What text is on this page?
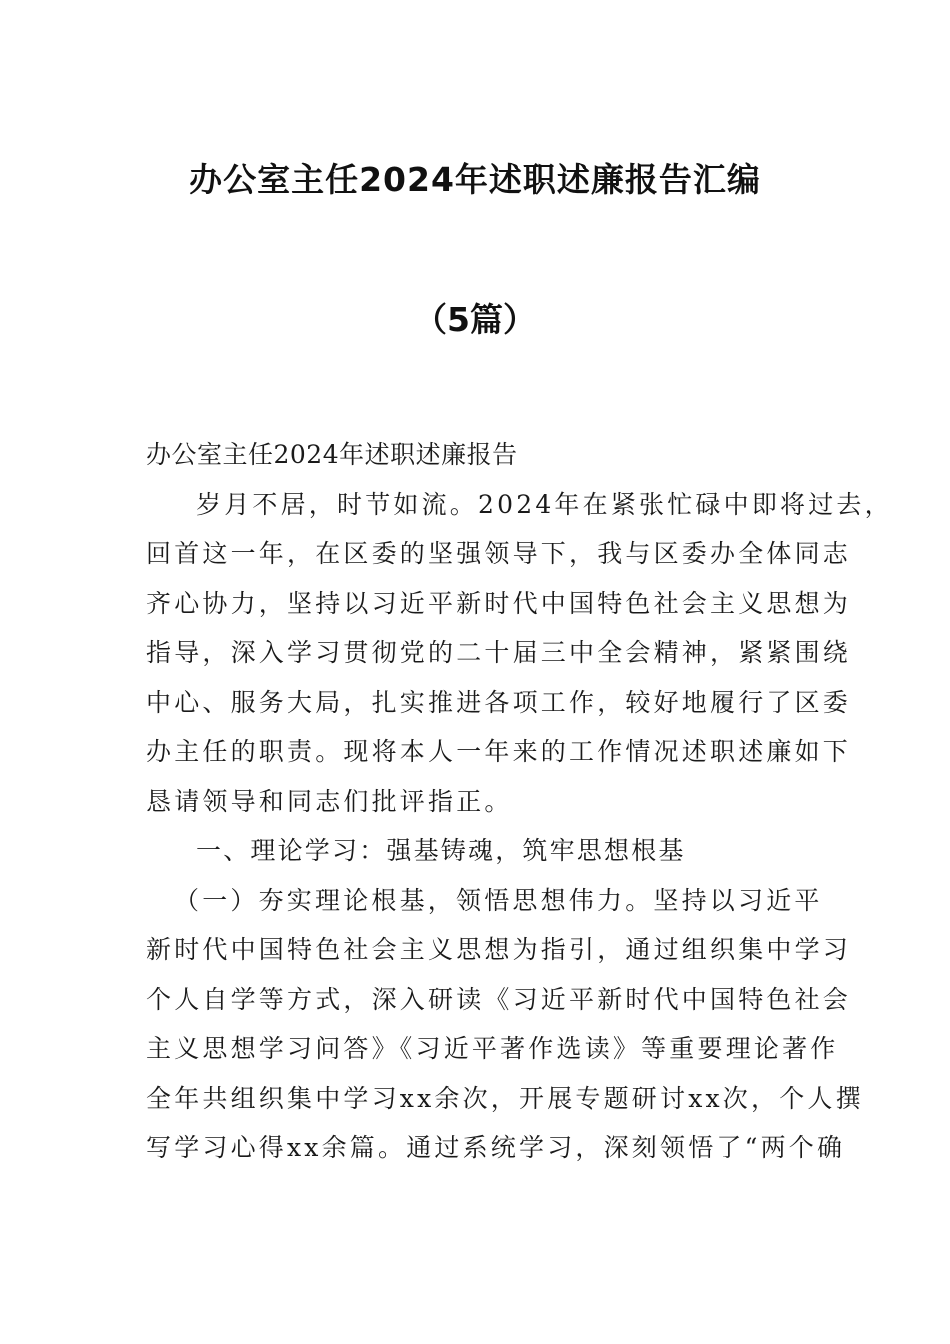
办公室主任2024年述职述廉报告汇编
（5篇）
办公室主任2024年述职述廉报告
岁月不居，时节如流。2024年在紧张忙碌中即将过去，
回首这一年，在区委的坚强领导下，我与区委办全体同志
齐心协力，坚持以习近平新时代中国特色社会主义思想为
指导，深入学习贯彻党的二十届三中全会精神，紧紧围绕
中心、服务大局，扎实推进各项工作，较好地履行了区委
办主任的职责。现将本人一年来的工作情况述职述廉如下
恳请领导和同志们批评指正。
一、理论学习：强基铸魂，筑牢思想根基
（一）夯实理论根基，领悟思想伟力。坚持以习近平
新时代中国特色社会主义思想为指引，通过组织集中学习
个人自学等方式，深入研读《习近平新时代中国特色社会
主义思想学习问答》《习近平著作选读》等重要理论著作
全年共组织集中学习xx余次，开展专题研讨xx次，个人撰
写学习心得xx余篇。通过系统学习，深刻领悟了“两个确
